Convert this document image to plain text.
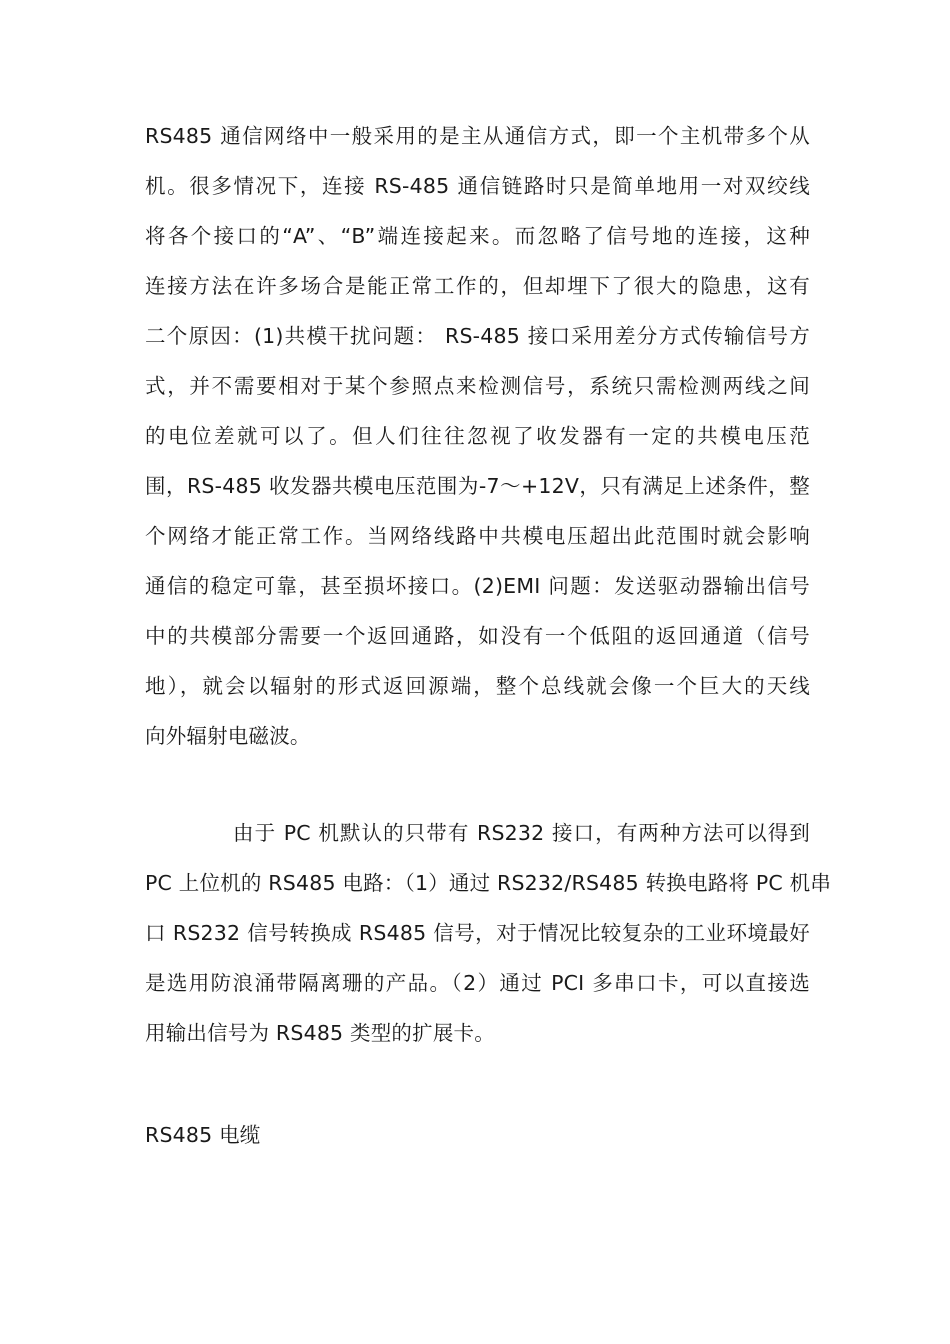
RS485 通信网络中一般采用的是主从通信方式，即一个主机带多个从
机。很多情况下，连接 RS-485 通信链路时只是简单地用一对双绞线
将各个接口的“A”、“B”端连接起来。而忽略了信号地的连接，这种
连接方法在许多场合是能正常工作的，但却埋下了很大的隐患，这有
二个原因：(1)共模干扰问题： RS-485 接口采用差分方式传输信号方
式，并不需要相对于某个参照点来检测信号，系统只需检测两线之间
的电位差就可以了。但人们往往忽视了收发器有一定的共模电压范
围，RS-485 收发器共模电压范围为-7～+12V，只有满足上述条件，整
个网络才能正常工作。当网络线路中共模电压超出此范围时就会影响
通信的稳定可靠，甚至损坏接口。(2)EMI 问题：发送驱动器输出信号
中的共模部分需要一个返回通路，如没有一个低阻的返回通道（信号
地），就会以辐射的形式返回源端，整个总线就会像一个巨大的天线
向外辐射电磁波。
由于 PC 机默认的只带有 RS232 接口，有两种方法可以得到
PC 上位机的 RS485 电路：（1）通过 RS232/RS485 转换电路将 PC 机串
口 RS232 信号转换成 RS485 信号，对于情况比较复杂的工业环境最好
是选用防浪涌带隔离珊的产品。（2）通过 PCI 多串口卡，可以直接选
用输出信号为 RS485 类型的扩展卡。
RS485 电缆
